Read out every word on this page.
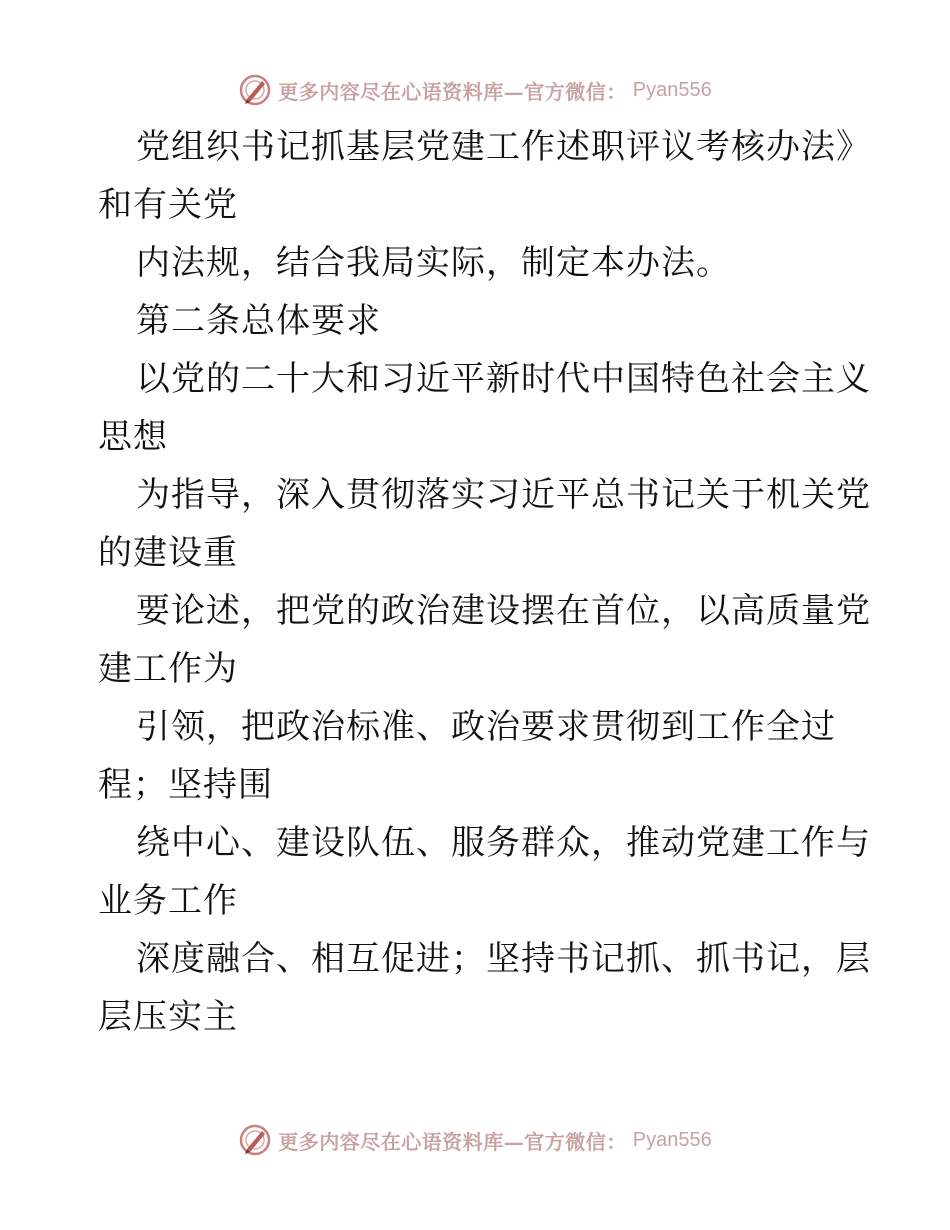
更多内容尽在心语资料库—官方微信： Pyan556
党组织书记抓基层党建工作述职评议考核办法》
和有关党
内法规，结合我局实际，制定本办法。
第二条总体要求
以党的二十大和习近平新时代中国特色社会主义
思想
为指导，深入贯彻落实习近平总书记关于机关党
的建设重
要论述，把党的政治建设摆在首位，以高质量党
建工作为
引领，把政治标准、政治要求贯彻到工作全过
程；坚持围
绕中心、建设队伍、服务群众，推动党建工作与
业务工作
深度融合、相互促进；坚持书记抓、抓书记，层
层压实主
更多内容尽在心语资料库—官方微信： Pyan556
